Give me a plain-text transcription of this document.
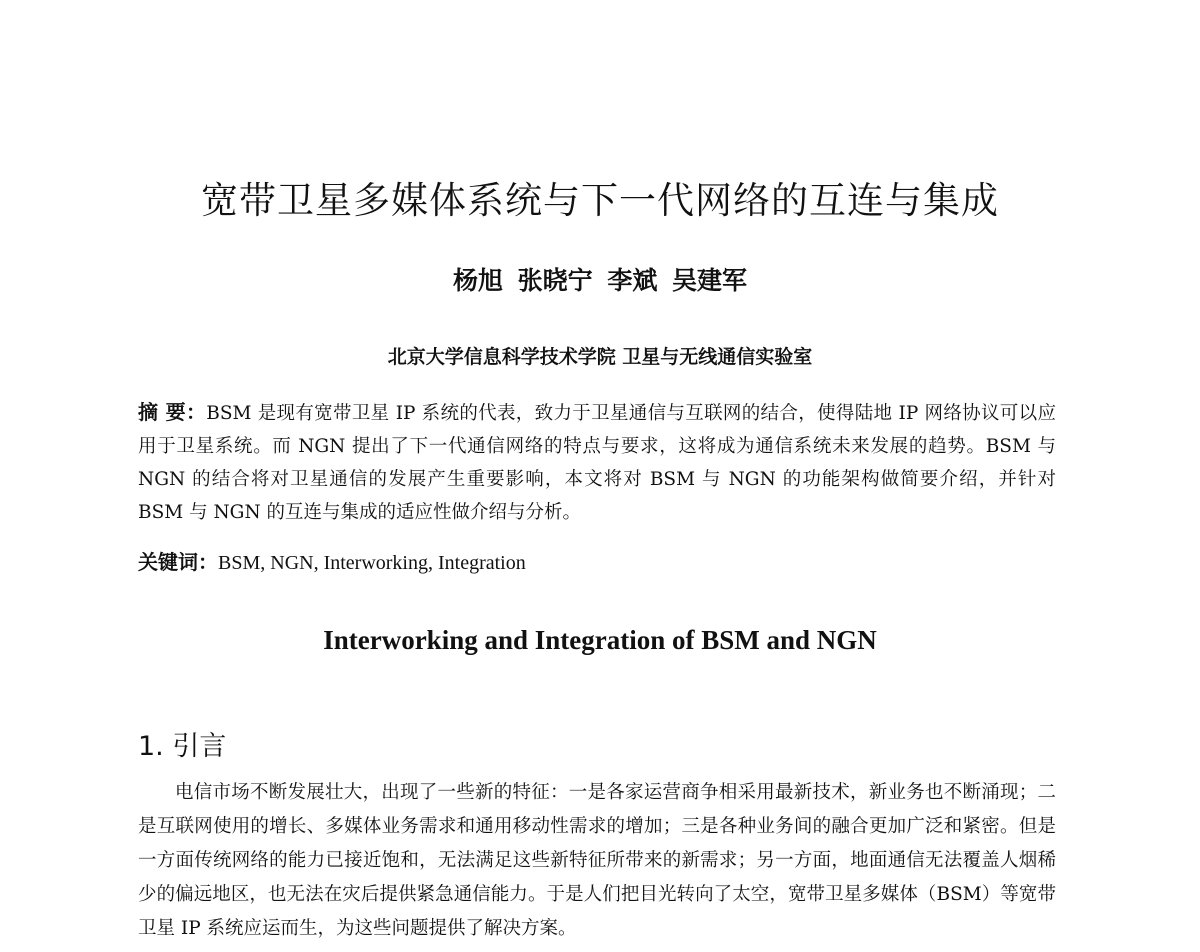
宽带卫星多媒体系统与下一代网络的互连与集成
杨旭 张晓宁 李斌 吴建军
北京大学信息科学技术学院 卫星与无线通信实验室
摘 要：BSM 是现有宽带卫星 IP 系统的代表，致力于卫星通信与互联网的结合，使得陆地 IP 网络协议可以应用于卫星系统。而 NGN 提出了下一代通信网络的特点与要求，这将成为通信系统未来发展的趋势。BSM 与 NGN 的结合将对卫星通信的发展产生重要影响，本文将对 BSM 与 NGN 的功能架构做简要介绍，并针对 BSM 与 NGN 的互连与集成的适应性做介绍与分析。
关键词：BSM, NGN, Interworking, Integration
Interworking and Integration of BSM and NGN
1. 引言
电信市场不断发展壮大，出现了一些新的特征：一是各家运营商争相采用最新技术，新业务也不断涌现；二是互联网使用的增长、多媒体业务需求和通用移动性需求的增加；三是各种业务间的融合更加广泛和紧密。但是一方面传统网络的能力已接近饱和，无法满足这些新特征所带来的新需求；另一方面，地面通信无法覆盖人烟稀少的偏远地区，也无法在灾后提供紧急通信能力。于是人们把目光转向了太空，宽带卫星多媒体（BSM）等宽带卫星 IP 系统应运而生，为这些问题提供了解决方案。
